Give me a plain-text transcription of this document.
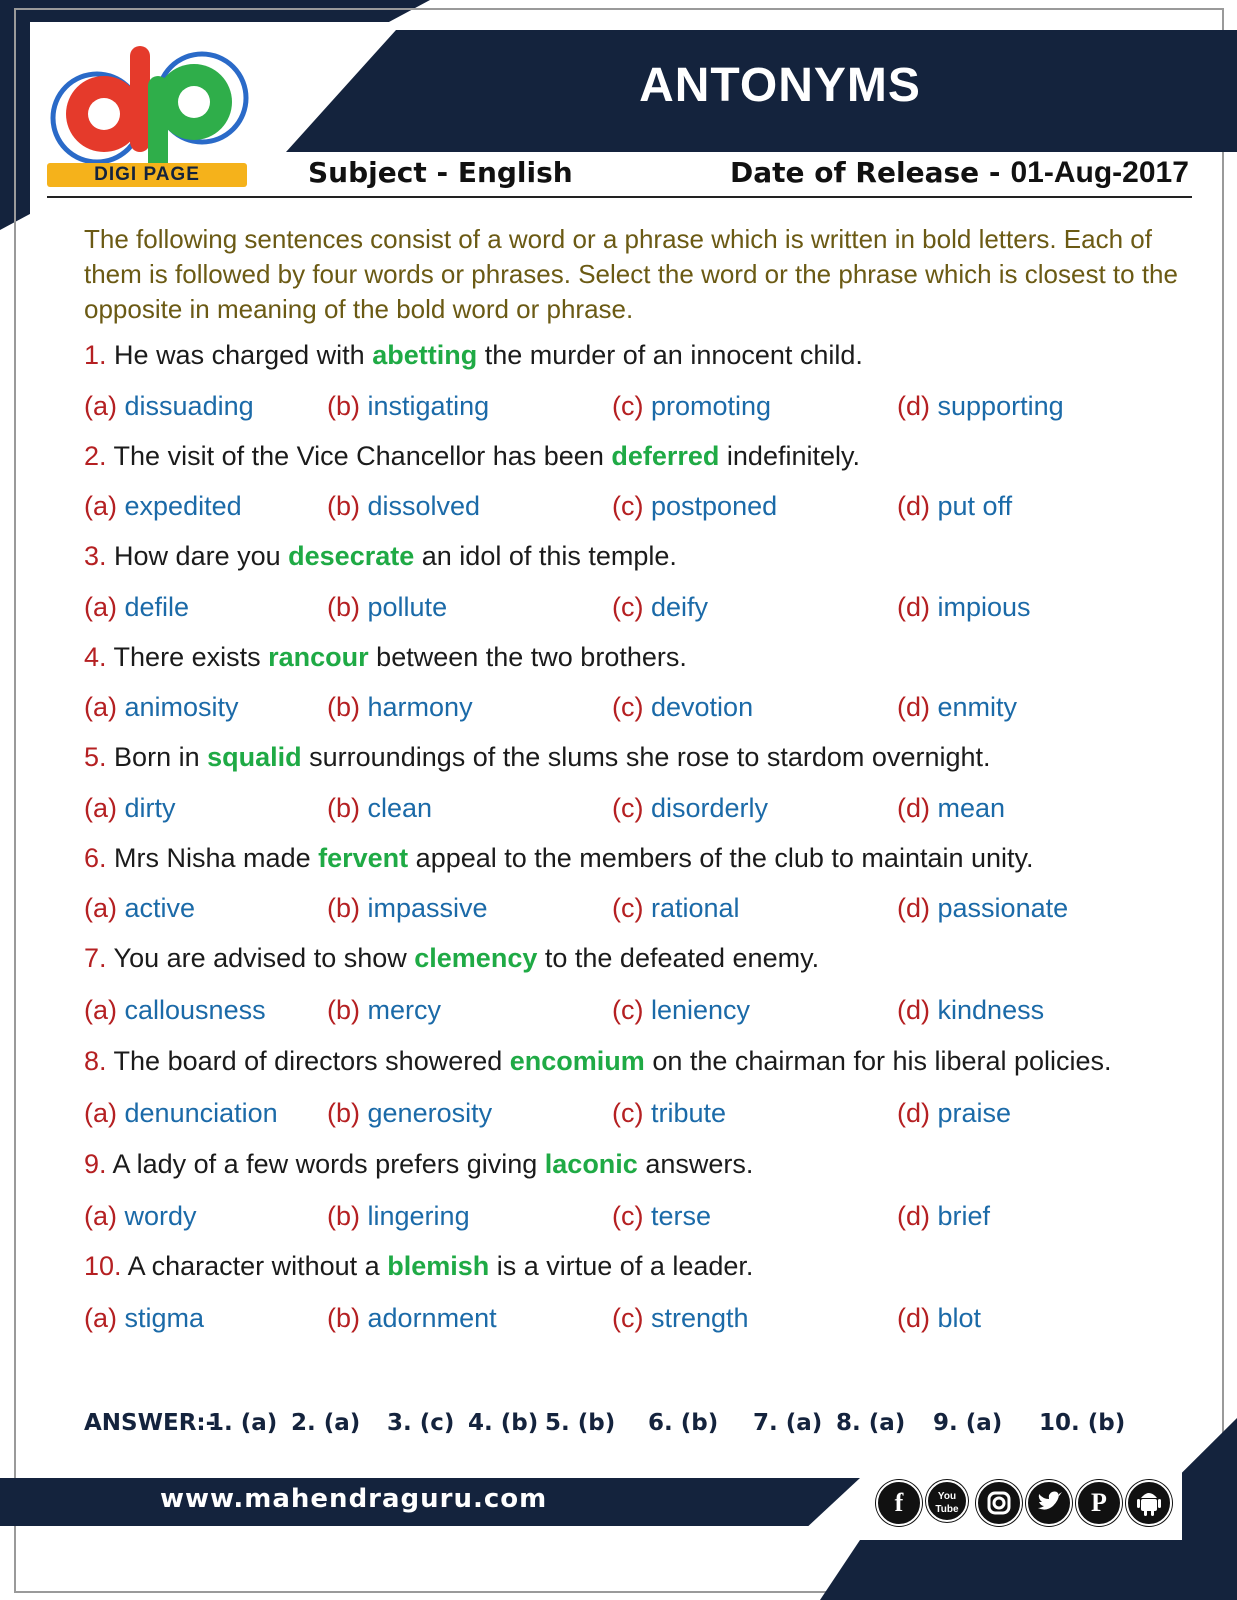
ANTONYMS
DIGI PAGE	Subject - English	Date of Release - 01-Aug-2017
The following sentences consist of a word or a phrase which is written in bold letters. Each of them is followed by four words or phrases. Select the word or the phrase which is closest to the opposite in meaning of the bold word or phrase.
1. He was charged with abetting the murder of an innocent child.
(a) dissuading	(b) instigating	(c) promoting	(d) supporting
2. The visit of the Vice Chancellor has been deferred indefinitely.
(a) expedited	(b) dissolved	(c) postponed	(d) put off
3. How dare you desecrate an idol of this temple.
(a) defile	(b) pollute	(c) deify	(d) impious
4. There exists rancour between the two brothers.
(a) animosity	(b) harmony	(c) devotion	(d) enmity
5. Born in squalid surroundings of the slums she rose to stardom overnight.
(a) dirty	(b) clean	(c) disorderly	(d) mean
6. Mrs Nisha made fervent appeal to the members of the club to maintain unity.
(a) active	(b) impassive	(c) rational	(d) passionate
7. You are advised to show clemency to the defeated enemy.
(a) callousness (b) mercy	(c) leniency	(d) kindness
8. The board of directors showered encomium on the chairman for his liberal policies.
(a) denunciation (b) generosity	(c) tribute	(d) praise
9. A lady of a few words prefers giving laconic answers.
(a) wordy	(b) lingering	(c) terse	(d) brief
10. A character without a blemish is a virtue of a leader.
(a) stigma	(b) adornment	(c) strength	(d) blot
ANSWER:-
1. (a) 2. (a) 3. (c) 4. (b) 5. (b) 6. (b) 7. (a) 8. (a) 9. (a) 10. (b)
www.mahendraguru.com	f	You Tube	P
